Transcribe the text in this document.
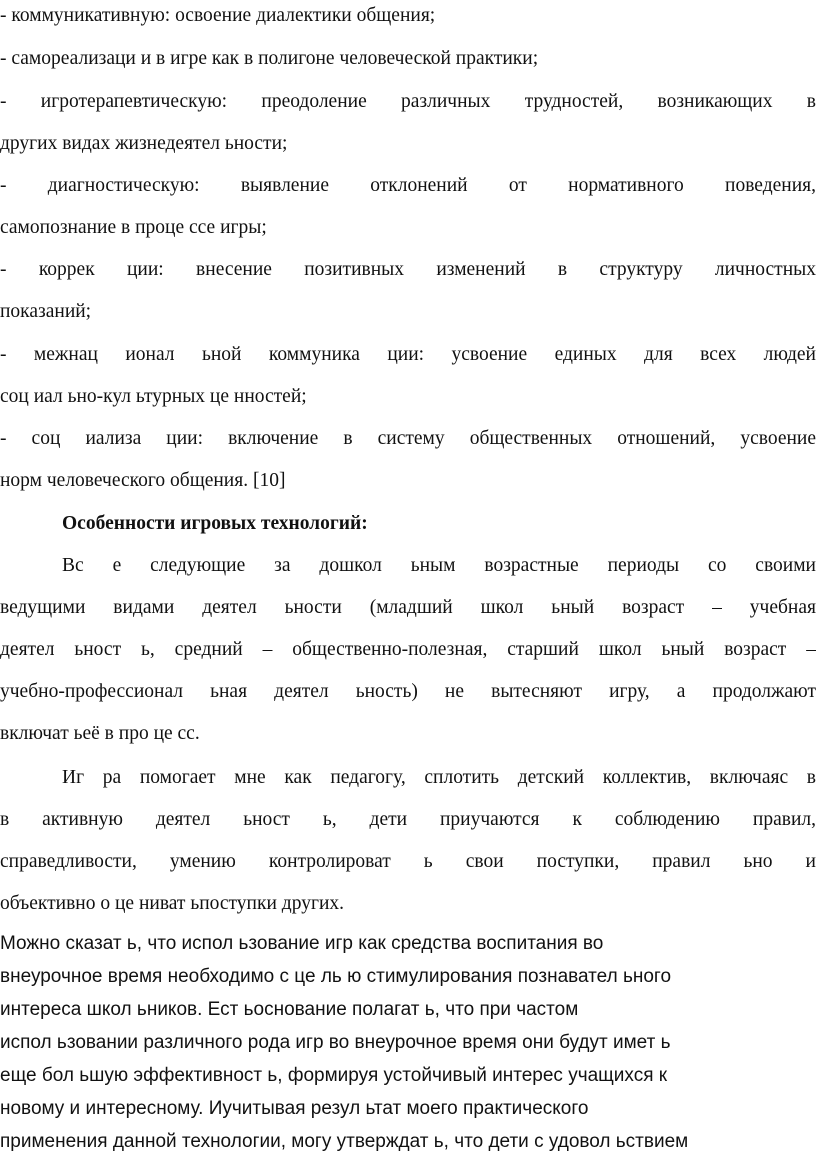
- коммуникативную: освоение диалектики общения;
- самореализаци и в игре как в полигоне человеческой практики;
- игротерапевтическую: преодоление различных трудностей, возникающих в
других видах жизнедеятел ьности;
- диагностическую: выявление отклонений от нормативного поведения,
самопознание в проце ссе игры;
- коррек ции: внесение позитивных изменений в структуру личностных
показаний;
- межнац ионал ьной коммуника ции: усвоение единых для всех людей
соц иал ьно-кул ьтурных це нностей;
- соц иализа ции: включение в систему общественных отношений, усвоение
норм человеческого общения. [10]
Особенности игровых технологий:
Вс е следующие за дошкол ьным возрастные периоды со своими
ведущими видами деятел ьности (младший школ ьный возраст – учебная
деятел ьност ь, средний – общественно-полезная, старший школ ьный возраст –
учебно-профессионал ьная деятел ьность) не вытесняют игру, а продолжают
включат ьеё в про це сс.
Иг ра помогает мне как педагогу, сплотить детский коллектив, включаяс в
в активную деятел ьност ь, дети приучаются к соблюдению правил,
справедливости, умению контролироват ь свои поступки, правил ьно и
объективно о це ниват ьпоступки других.
Можно сказат ь, что испол ьзование игр как средства воспитания во
внеурочное время необходимо с це ль ю стимулирования познавател ьного
интереса школ ьников. Ест ьоснование полагат ь, что при частом
испол ьзовании различного рода игр во внеурочное время они будут имет ь
еще бол ьшую эффективност ь, формируя устойчивый интерес учащихся к
новому и интересному. Иучитывая резул ьтат моего практического
применения данной технологии, могу утверждат ь, что дети с удовол ьствием
